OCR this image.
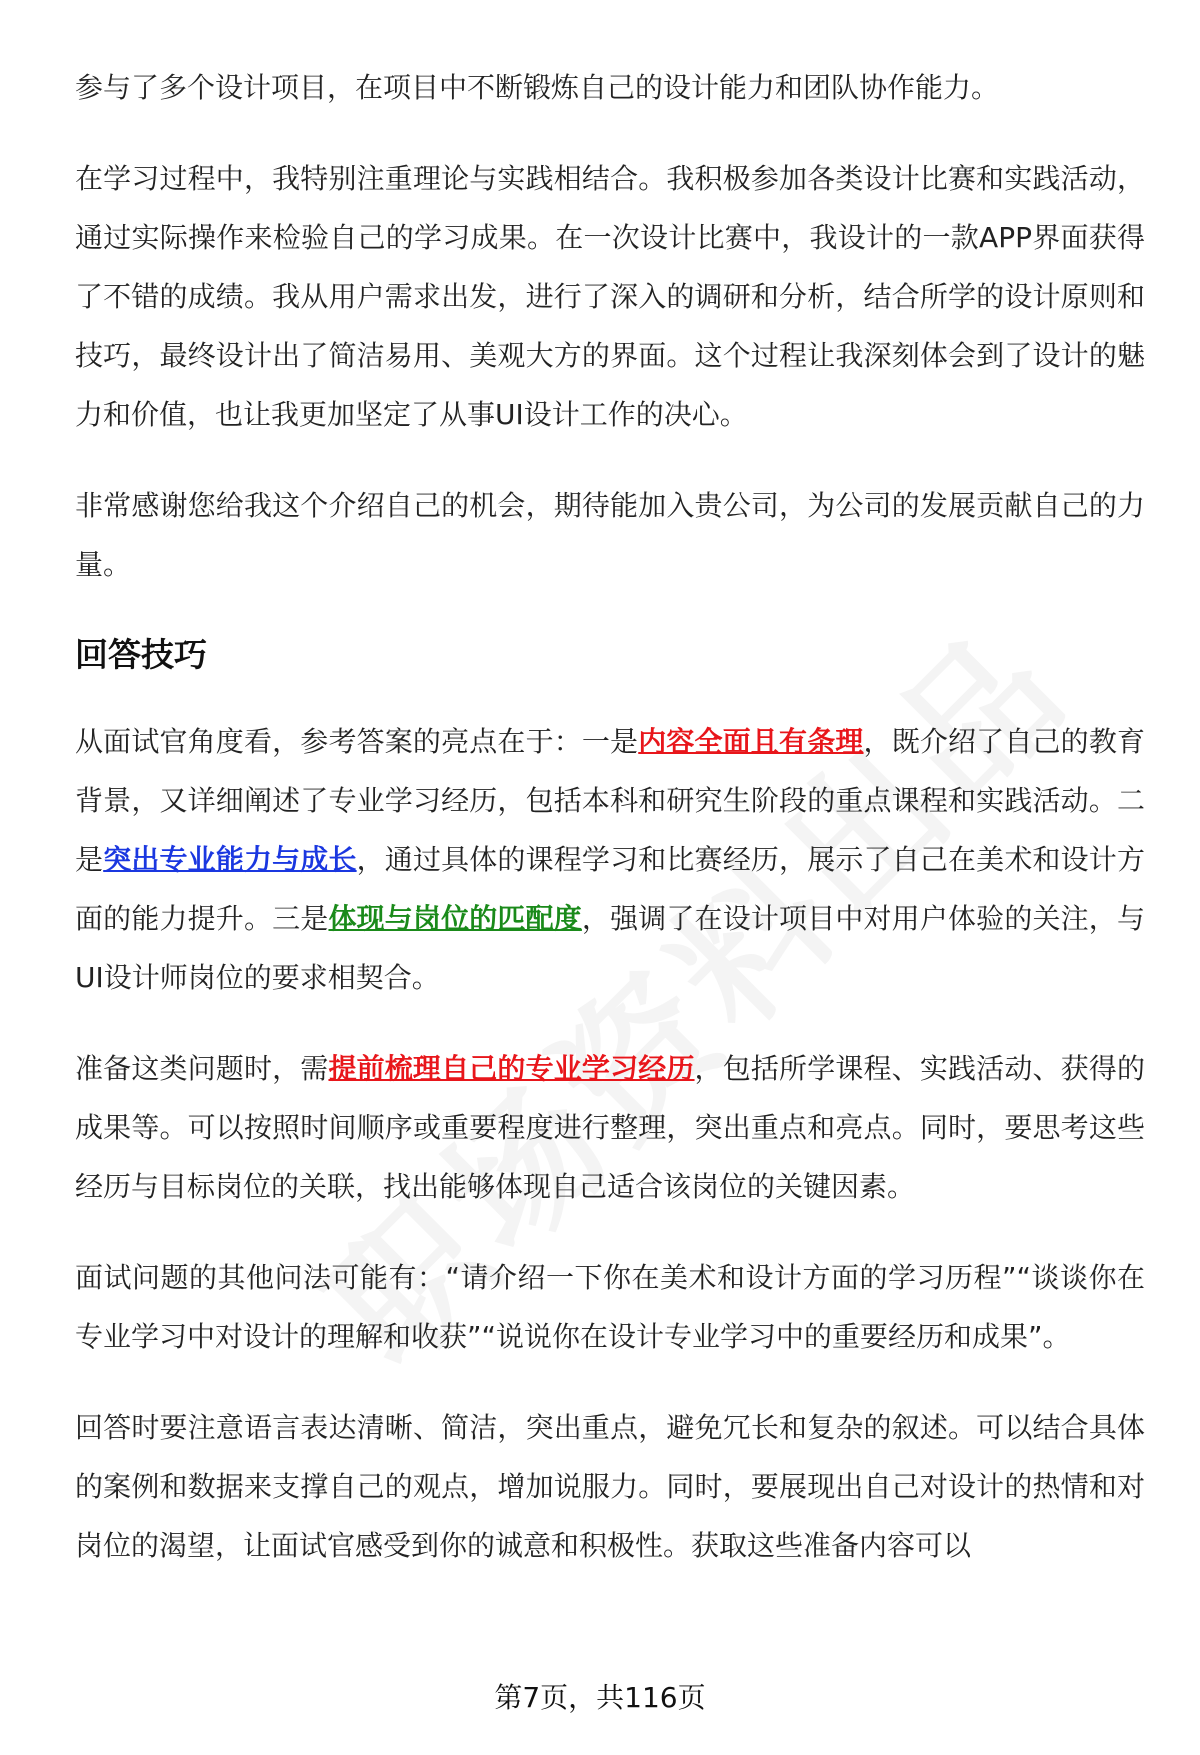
参与了多个设计项目，在项目中不断锻炼自己的设计能力和团队协作能力。

在学习过程中，我特别注重理论与实践相结合。我积极参加各类设计比赛和实践活动，通过实际操作来检验自己的学习成果。在一次设计比赛中，我设计的一款APP界面获得了不错的成绩。我从用户需求出发，进行了深入的调研和分析，结合所学的设计原则和技巧，最终设计出了简洁易用、美观大方的界面。这个过程让我深刻体会到了设计的魅力和价值，也让我更加坚定了从事UI设计工作的决心。

非常感谢您给我这个介绍自己的机会，期待能加入贵公司，为公司的发展贡献自己的力量。

回答技巧

从面试官角度看，参考答案的亮点在于：一是内容全面且有条理，既介绍了自己的教育背景，又详细阐述了专业学习经历，包括本科和研究生阶段的重点课程和实践活动。二是突出专业能力与成长，通过具体的课程学习和比赛经历，展示了自己在美术和设计方面的能力提升。三是体现与岗位的匹配度，强调了在设计项目中对用户体验的关注，与UI设计师岗位的要求相契合。

准备这类问题时，需提前梳理自己的专业学习经历，包括所学课程、实践活动、获得的成果等。可以按照时间顺序或重要程度进行整理，突出重点和亮点。同时，要思考这些经历与目标岗位的关联，找出能够体现自己适合该岗位的关键因素。

面试问题的其他问法可能有：“请介绍一下你在美术和设计方面的学习历程”“谈谈你在专业学习中对设计的理解和收获”“说说你在设计专业学习中的重要经历和成果”。

回答时要注意语言表达清晰、简洁，突出重点，避免冗长和复杂的叙述。可以结合具体的案例和数据来支撑自己的观点，增加说服力。同时，要展现出自己对设计的热情和对岗位的渴望，让面试官感受到你的诚意和积极性。获取这些准备内容可以

第7页，共116页
